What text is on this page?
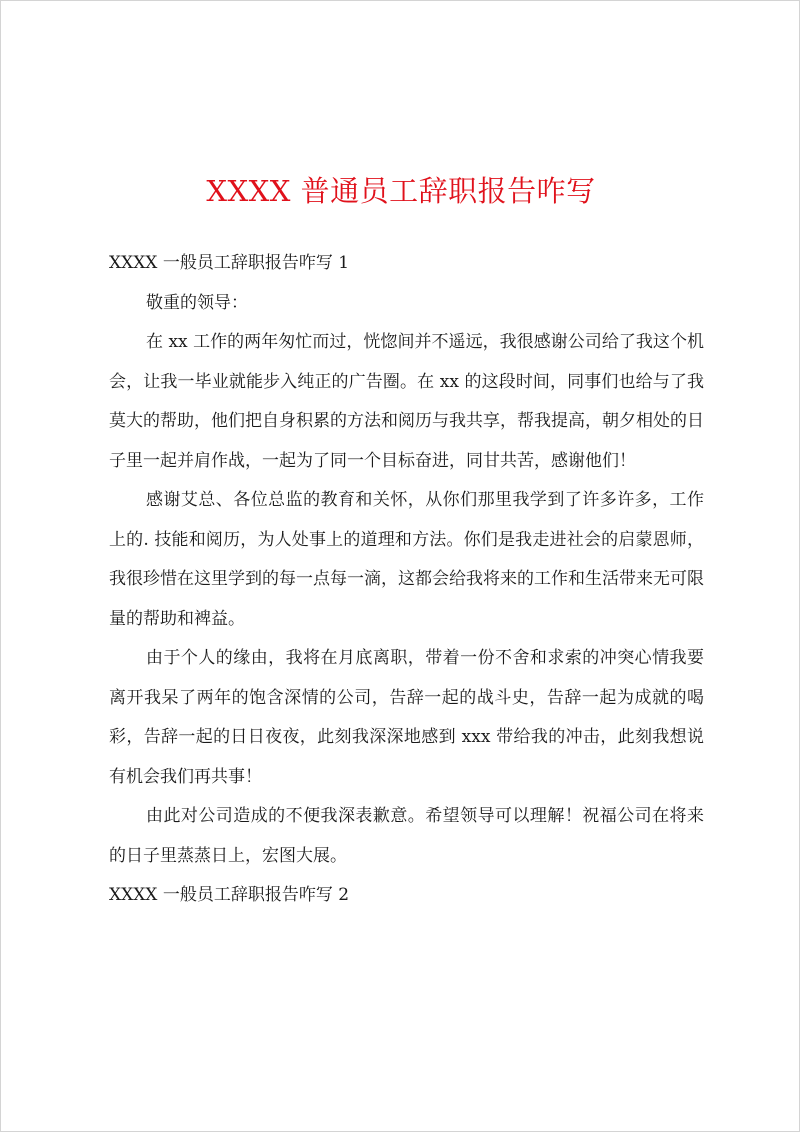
XXXX 普通员工辞职报告咋写

XXXX 一般员工辞职报告咋写 1

敬重的领导：

在 xx 工作的两年匆忙而过，恍惚间并不遥远，我很感谢公司给了我这个机会，让我一毕业就能步入纯正的广告圈。在 xx 的这段时间，同事们也给与了我莫大的帮助，他们把自身积累的方法和阅历与我共享，帮我提高，朝夕相处的日子里一起并肩作战，一起为了同一个目标奋进，同甘共苦，感谢他们！

感谢艾总、各位总监的教育和关怀，从你们那里我学到了许多许多，工作上的. 技能和阅历，为人处事上的道理和方法。你们是我走进社会的启蒙恩师，我很珍惜在这里学到的每一点每一滴，这都会给我将来的工作和生活带来无可限量的帮助和裨益。

由于个人的缘由，我将在月底离职，带着一份不舍和求索的冲突心情我要离开我呆了两年的饱含深情的公司，告辞一起的战斗史，告辞一起为成就的喝彩，告辞一起的日日夜夜，此刻我深深地感到 xxx 带给我的冲击，此刻我想说有机会我们再共事！

由此对公司造成的不便我深表歉意。希望领导可以理解！祝福公司在将来的日子里蒸蒸日上，宏图大展。

XXXX 一般员工辞职报告咋写 2
